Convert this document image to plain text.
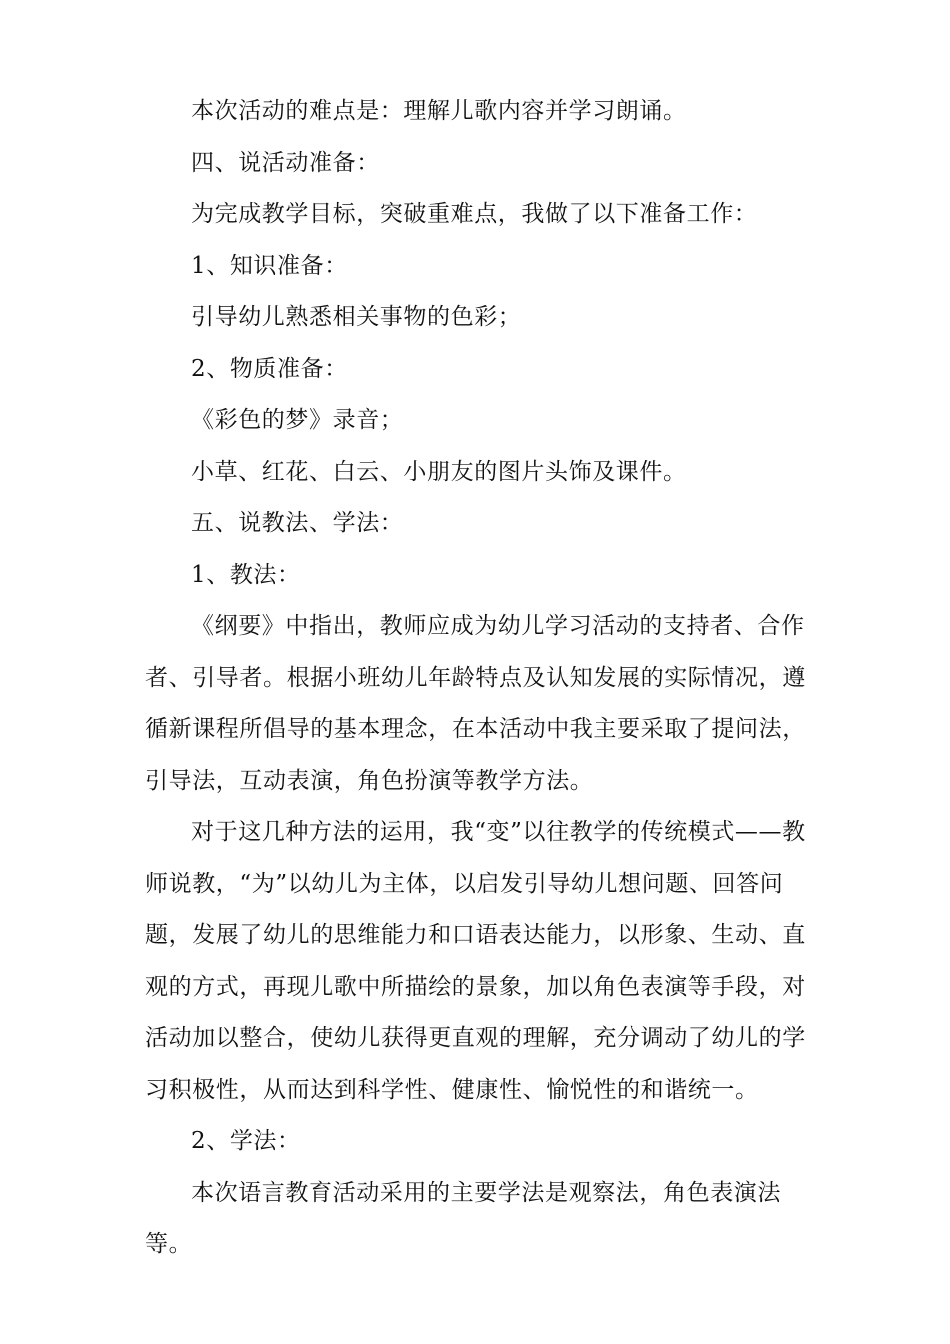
本次活动的难点是：理解儿歌内容并学习朗诵。

四、说活动准备：

为完成教学目标，突破重难点，我做了以下准备工作：

1、知识准备：

引导幼儿熟悉相关事物的色彩；

2、物质准备：

《彩色的梦》录音；

小草、红花、白云、小朋友的图片头饰及课件。

五、说教法、学法：

1、教法：

《纲要》中指出，教师应成为幼儿学习活动的支持者、合作者、引导者。根据小班幼儿年龄特点及认知发展的实际情况，遵循新课程所倡导的基本理念，在本活动中我主要采取了提问法，引导法，互动表演，角色扮演等教学方法。

对于这几种方法的运用，我“变”以往教学的传统模式——教师说教，“为”以幼儿为主体，以启发引导幼儿想问题、回答问题，发展了幼儿的思维能力和口语表达能力，以形象、生动、直观的方式，再现儿歌中所描绘的景象，加以角色表演等手段，对活动加以整合，使幼儿获得更直观的理解，充分调动了幼儿的学习积极性，从而达到科学性、健康性、愉悦性的和谐统一。

2、学法：

本次语言教育活动采用的主要学法是观察法，角色表演法等。
